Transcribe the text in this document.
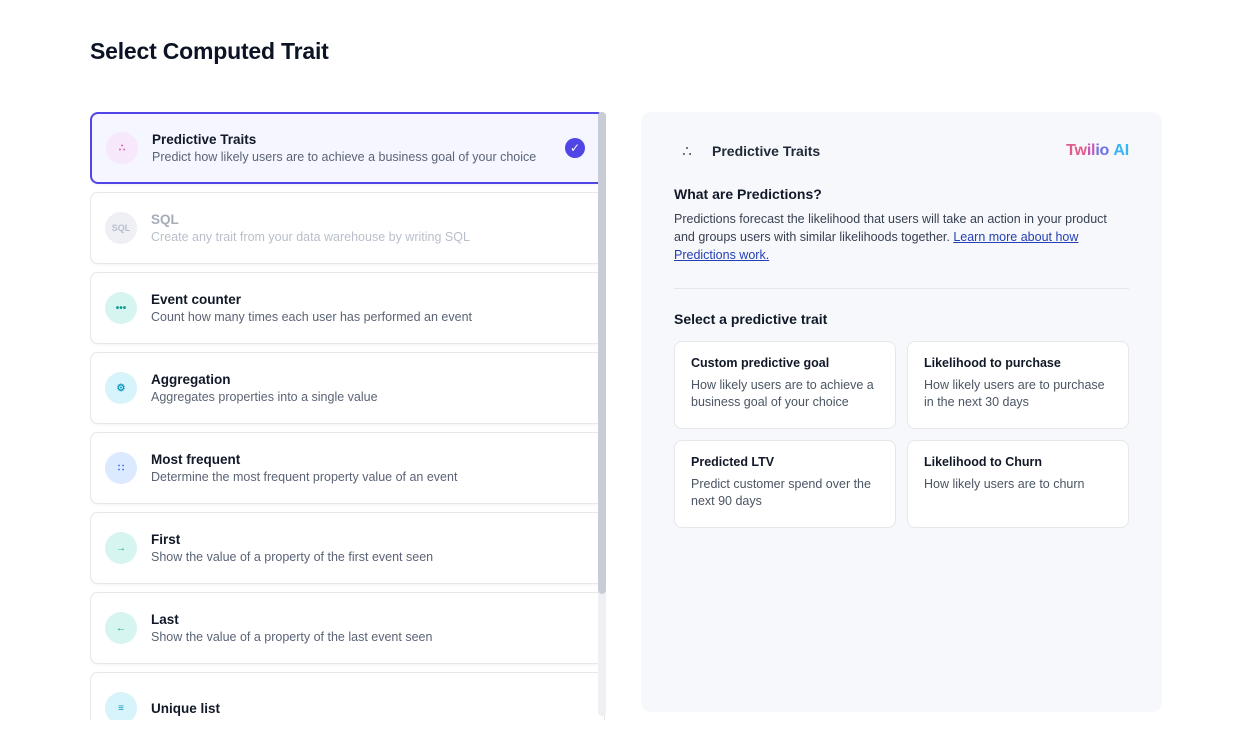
Select Computed Trait
∴
Predictive Traits
Predict how likely users are to achieve a business goal of your choice
✓
SQL
SQL
Create any trait from your data warehouse by writing SQL
•••
Event counter
Count how many times each user has performed an event
⚙
Aggregation
Aggregates properties into a single value
∷
Most frequent
Determine the most frequent property value of an event
→
First
Show the value of a property of the first event seen
←
Last
Show the value of a property of the last event seen
≡	Unique list
∴	Predictive Traits	Twilio AI
What are Predictions?
Predictions forecast the likelihood that users will take an action in your product and groups users with similar likelihoods together. Learn more about how Predictions work.
Select a predictive trait
Custom predictive goal
How likely users are to achieve a business goal of your choice
Likelihood to purchase
How likely users are to purchase in the next 30 days
Predicted LTV
Predict customer spend over the next 90 days
Likelihood to Churn
How likely users are to churn
